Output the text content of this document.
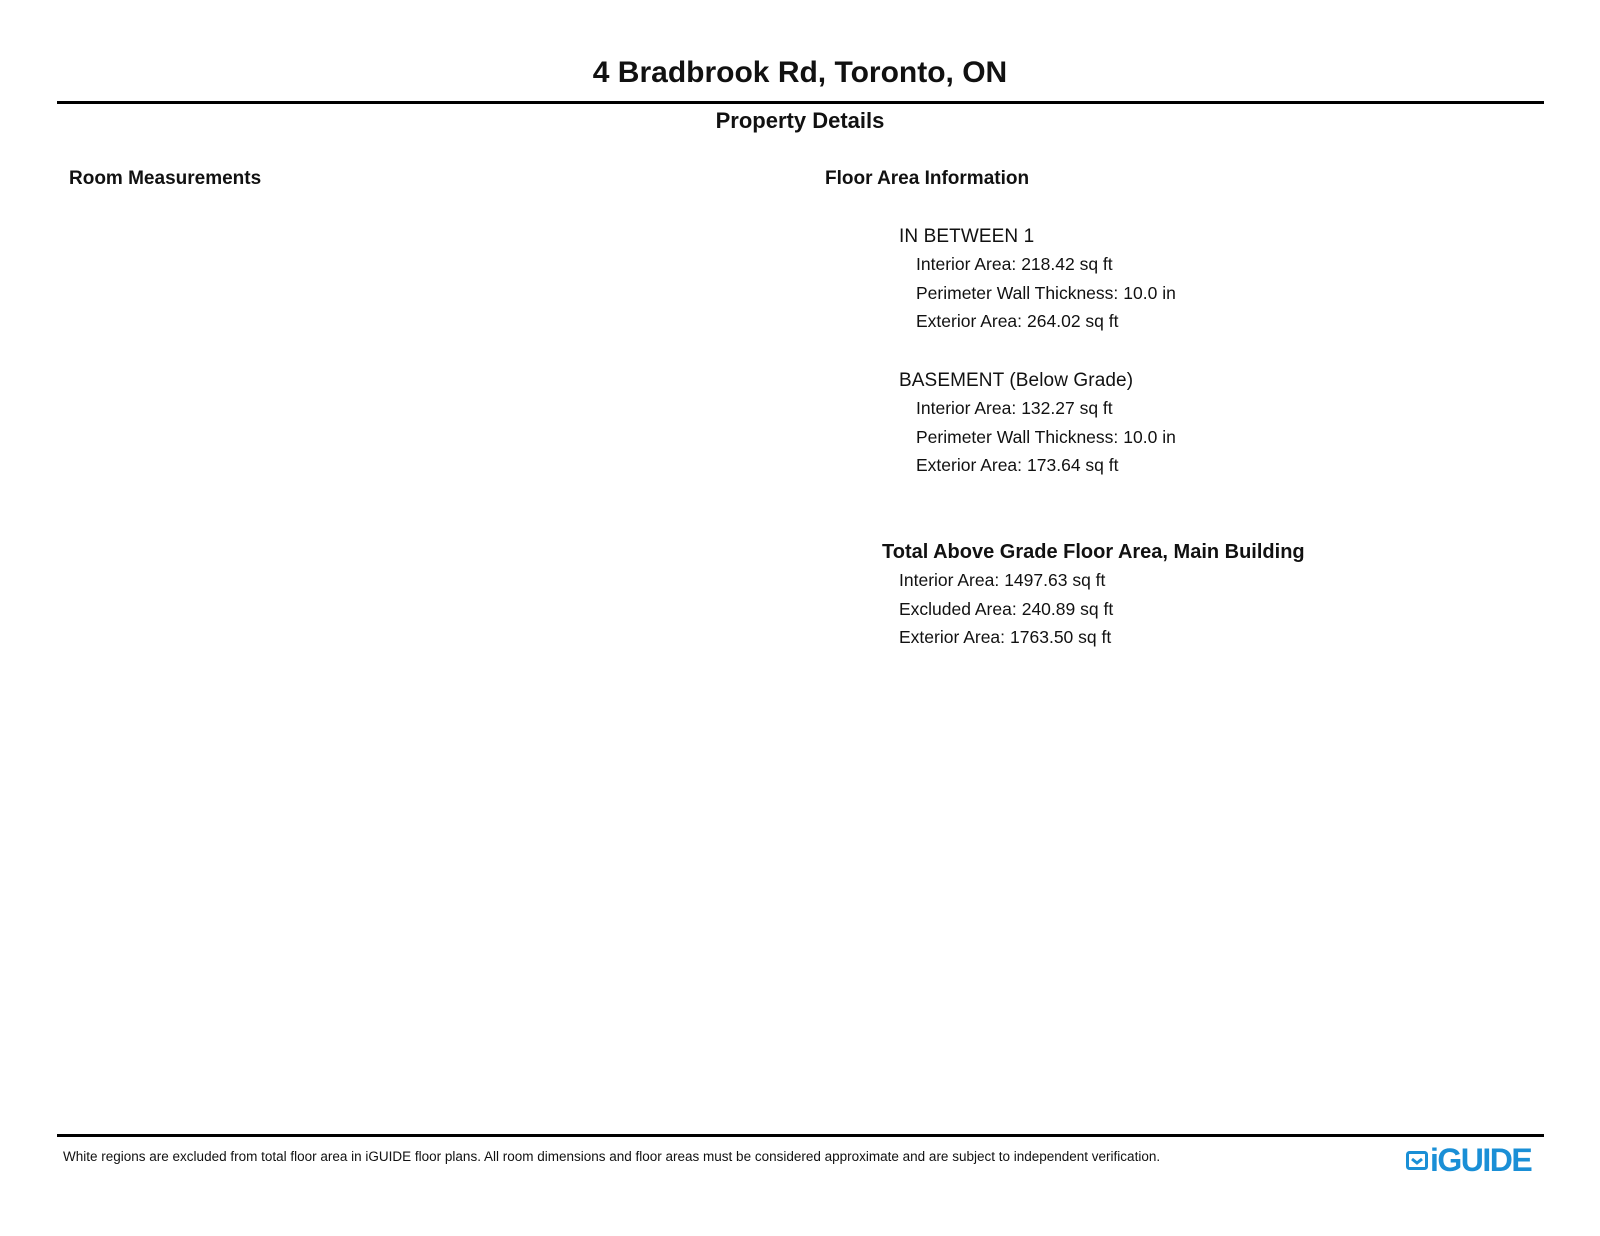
4 Bradbrook Rd, Toronto, ON
Property Details
Room Measurements	Floor Area Information
IN BETWEEN 1
Interior Area: 218.42 sq ft
Perimeter Wall Thickness: 10.0 in
Exterior Area: 264.02 sq ft
BASEMENT (Below Grade)
Interior Area: 132.27 sq ft
Perimeter Wall Thickness: 10.0 in
Exterior Area: 173.64 sq ft
Total Above Grade Floor Area, Main Building
Interior Area: 1497.63 sq ft
Excluded Area: 240.89 sq ft
Exterior Area: 1763.50 sq ft
White regions are excluded from total floor area in iGUIDE floor plans. All room dimensions and floor areas must be considered approximate and are subject to independent verification.	iGUIDE
